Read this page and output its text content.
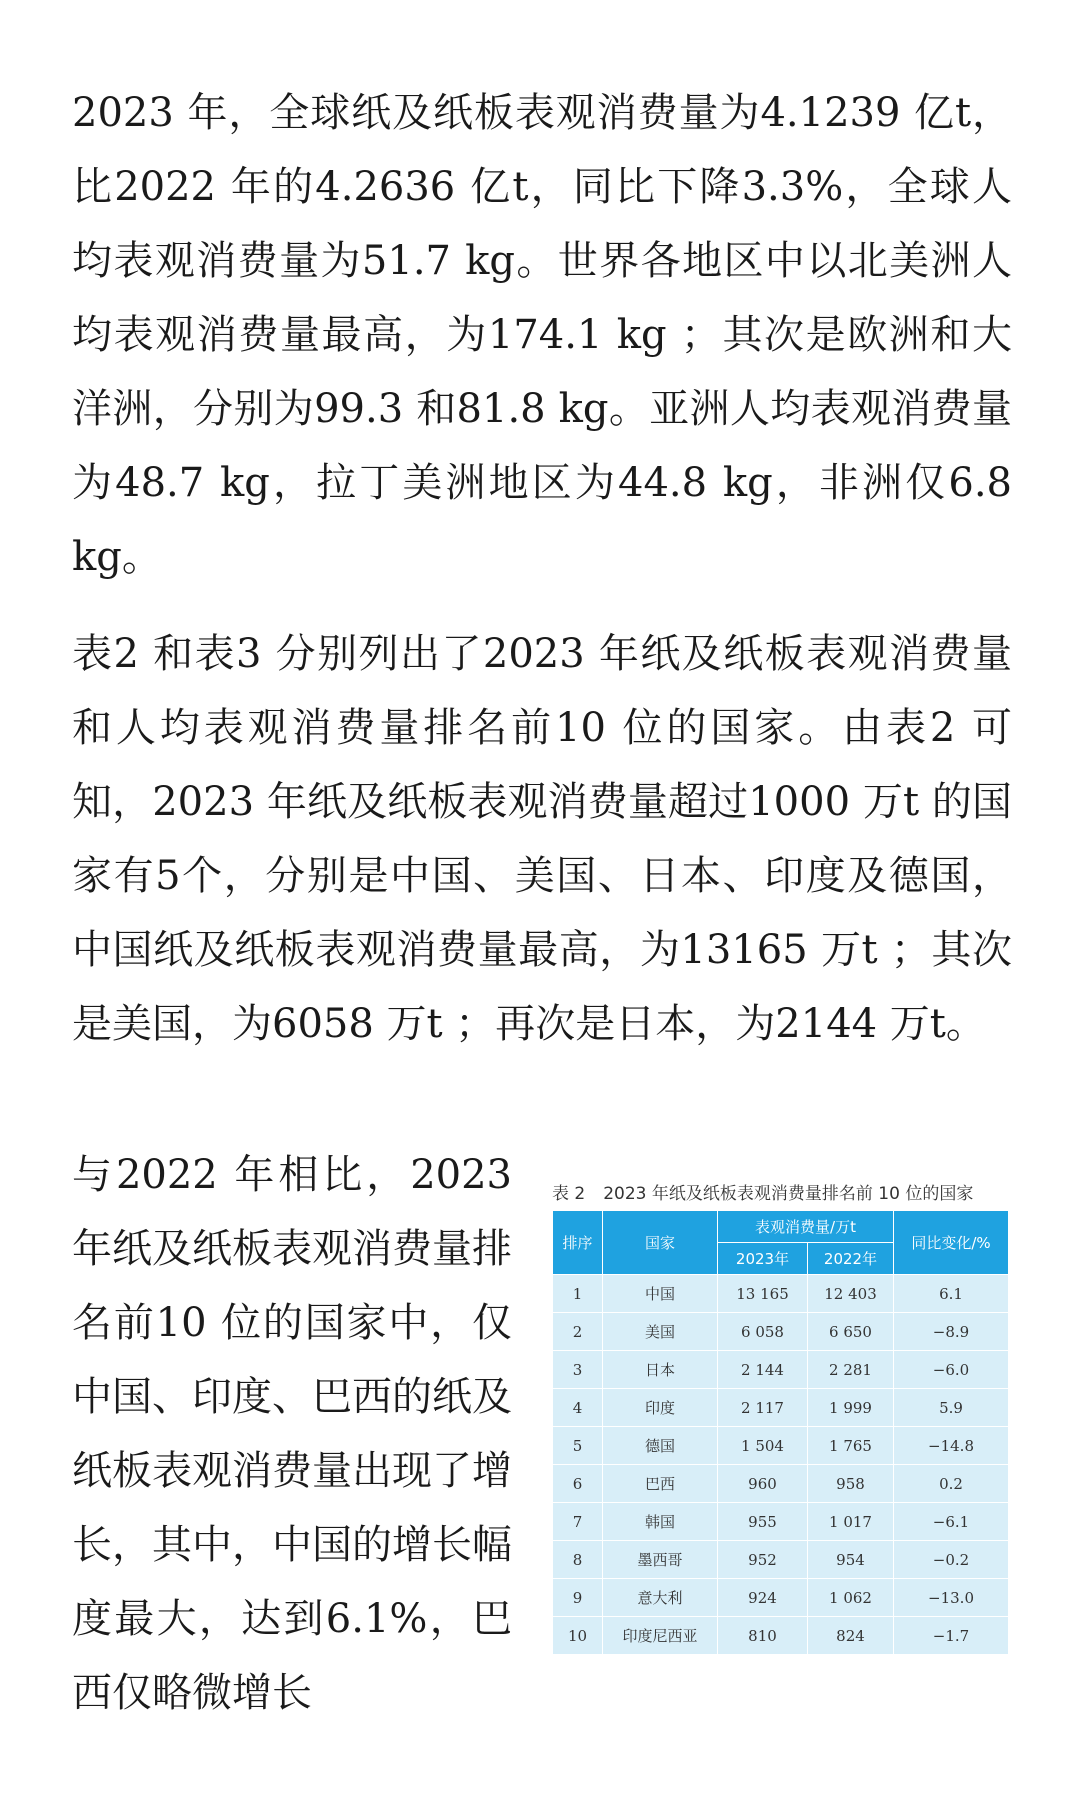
2023 年，全球纸及纸板表观消费量为4.1239 亿t，比2022 年的4.2636 亿t，同比下降3.3%，全球人均表观消费量为51.7 kg。世界各地区中以北美洲人均表观消费量最高，为174.1 kg ；其次是欧洲和大洋洲，分别为99.3 和81.8 kg。亚洲人均表观消费量为48.7 kg，拉丁美洲地区为44.8 kg，非洲仅6.8 kg。

表2 和表3 分别列出了2023 年纸及纸板表观消费量和人均表观消费量排名前10 位的国家。由表2 可知，2023 年纸及纸板表观消费量超过1000 万t 的国家有5个，分别是中国、美国、日本、印度及德国，中国纸及纸板表观消费量最高，为13165 万t ；其次是美国，为6058 万t ；再次是日本，为2144 万t。

与2022 年相比，2023 年纸及纸板表观消费量排名前10 位的国家中，仅中国、印度、巴西的纸及纸板表观消费量出现了增长，其中，中国的增长幅度最大，达到6.1%，巴西仅略微增长

表 2 2023 年纸及纸板表观消费量排名前 10 位的国家
排序	国家	表观消费量/万t		同比变化/%
		2023年	2022年	
1	中国	13 165	12 403	6.1
2	美国	6 058	6 650	−8.9
3	日本	2 144	2 281	−6.0
4	印度	2 117	1 999	5.9
5	德国	1 504	1 765	−14.8
6	巴西	960	958	0.2
7	韩国	955	1 017	−6.1
8	墨西哥	952	954	−0.2
9	意大利	924	1 062	−13.0
10	印度尼西亚	810	824	−1.7
